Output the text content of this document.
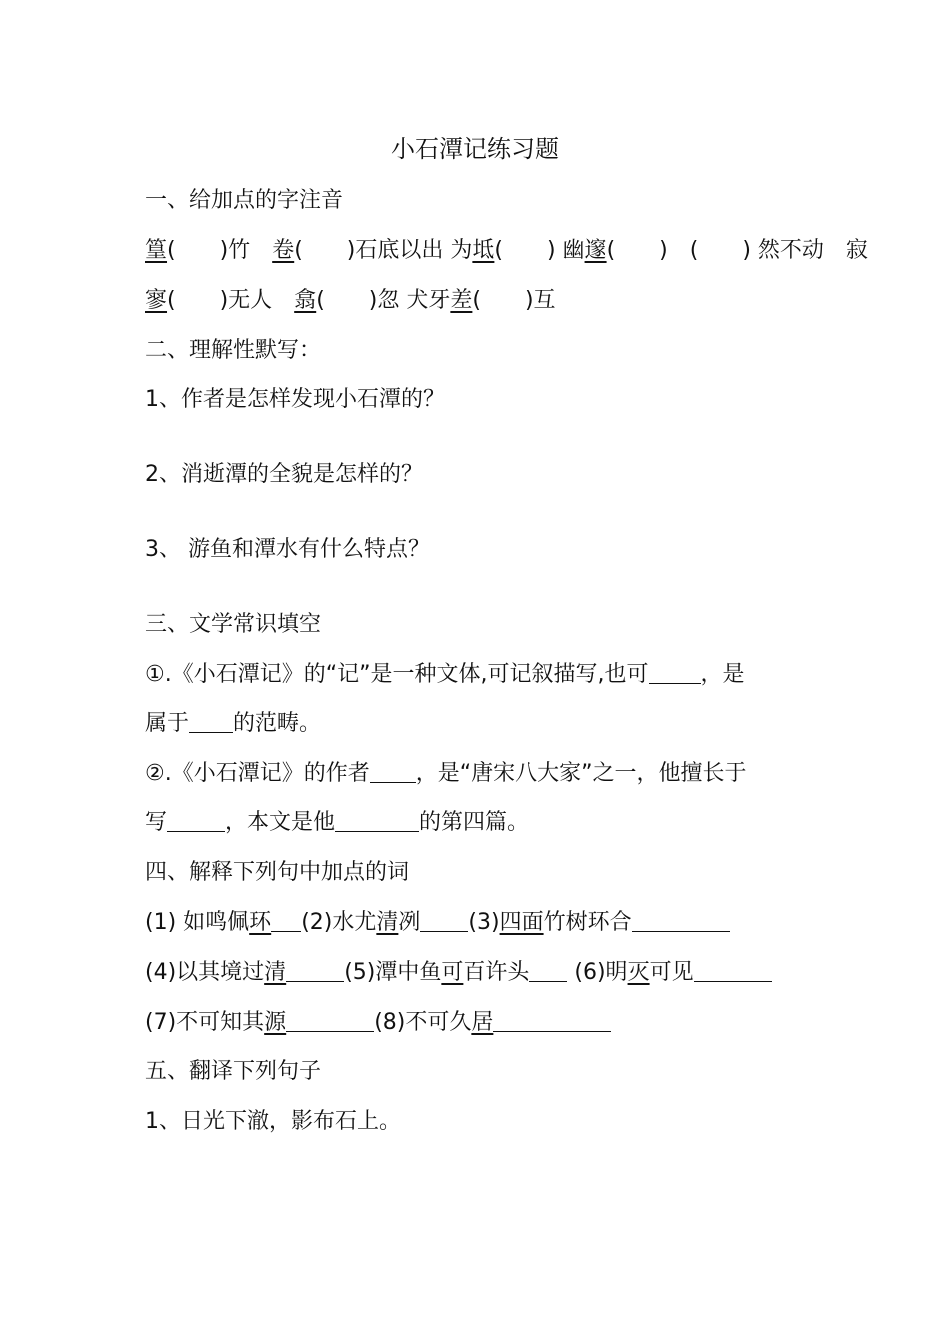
小石潭记练习题
一、给加点的字注音
篁(　　)竹　卷(　　)石底以出 为坻(　　) 幽邃(　　)　(　　) 然不动　寂
寥(　　)无人　翕(　　)忽 犬牙差(　　)互
二、理解性默写：
1、作者是怎样发现小石潭的？
2、消逝潭的全貌是怎样的？
3、 游鱼和潭水有什么特点？
三、文学常识填空
①.《小石潭记》的“记”是一种文体,可记叙描写,也可 ，是
属于 的范畴。
②.《小石潭记》的作者 ，是“唐宋八大家”之一，他擅长于
写	，本文是他	的第四篇。
四、解释下列句中加点的词
(1) 如鸣佩环 (2)水尤清冽 (3)四面竹树环合
(4)以其境过清	(5)潭中鱼可百许头 (6)明灭可见
(7)不可知其源	(8)不可久居
五、翻译下列句子
1、日光下澈，影布石上。
